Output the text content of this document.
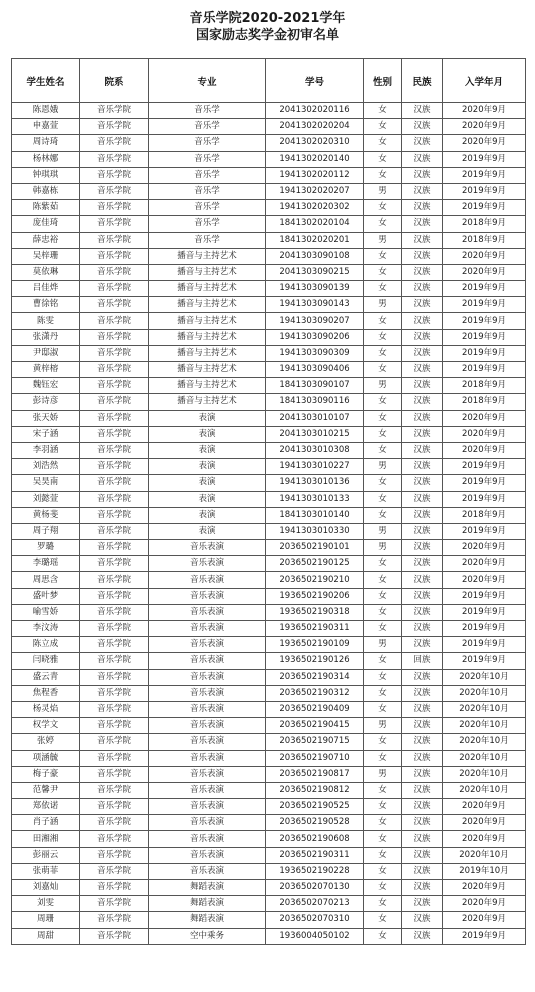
音乐学院2020-2021学年

国家励志奖学金初审名单

学生姓名	院系	专业	学号	性别	民族	入学年月
陈恩娥	音乐学院	音乐学	2041302020116	女	汉族	2020年9月
申嘉萱	音乐学院	音乐学	2041302020204	女	汉族	2020年9月
周诗琦	音乐学院	音乐学	2041302020310	女	汉族	2020年9月
杨林娜	音乐学院	音乐学	1941302020140	女	汉族	2019年9月
钟琪琪	音乐学院	音乐学	1941302020112	女	汉族	2019年9月
韩嘉栋	音乐学院	音乐学	1941302020207	男	汉族	2019年9月
陈紫茹	音乐学院	音乐学	1941302020302	女	汉族	2019年9月
庞佳琦	音乐学院	音乐学	1841302020104	女	汉族	2018年9月
薛忠裕	音乐学院	音乐学	1841302020201	男	汉族	2018年9月
吴梓珊	音乐学院	播音与主持艺术	2041303090108	女	汉族	2020年9月
莫依琳	音乐学院	播音与主持艺术	2041303090215	女	汉族	2020年9月
吕佳烨	音乐学院	播音与主持艺术	1941303090139	女	汉族	2019年9月
曹徐铭	音乐学院	播音与主持艺术	1941303090143	男	汉族	2019年9月
陈雯	音乐学院	播音与主持艺术	1941303090207	女	汉族	2019年9月
张潇丹	音乐学院	播音与主持艺术	1941303090206	女	汉族	2019年9月
尹邸淑	音乐学院	播音与主持艺术	1941303090309	女	汉族	2019年9月
黄梓榕	音乐学院	播音与主持艺术	1941303090406	女	汉族	2019年9月
魏钰宏	音乐学院	播音与主持艺术	1841303090107	男	汉族	2018年9月
彭诗彦	音乐学院	播音与主持艺术	1841303090116	女	汉族	2018年9月
张天娇	音乐学院	表演	2041303010107	女	汉族	2020年9月
宋子涵	音乐学院	表演	2041303010215	女	汉族	2020年9月
李羽涵	音乐学院	表演	2041303010308	女	汉族	2020年9月
刘浩然	音乐学院	表演	1941303010227	男	汉族	2019年9月
吴昊南	音乐学院	表演	1941303010136	女	汉族	2019年9月
刘懿萱	音乐学院	表演	1941303010133	女	汉族	2019年9月
黄杨斐	音乐学院	表演	1841303010140	女	汉族	2018年9月
周子翔	音乐学院	表演	1941303010330	男	汉族	2019年9月
罗璐	音乐学院	音乐表演	2036502190101	男	汉族	2020年9月
李璐瑶	音乐学院	音乐表演	2036502190125	女	汉族	2020年9月
周思含	音乐学院	音乐表演	2036502190210	女	汉族	2020年9月
盛叶梦	音乐学院	音乐表演	1936502190206	女	汉族	2019年9月
喻雪娇	音乐学院	音乐表演	1936502190318	女	汉族	2019年9月
李汶涛	音乐学院	音乐表演	1936502190311	女	汉族	2019年9月
陈立成	音乐学院	音乐表演	1936502190109	男	汉族	2019年9月
闫晓雅	音乐学院	音乐表演	1936502190126	女	回族	2019年9月
盛云青	音乐学院	音乐表演	2036502190314	女	汉族	2020年10月
焦程香	音乐学院	音乐表演	2036502190312	女	汉族	2020年10月
杨灵焰	音乐学院	音乐表演	2036502190409	女	汉族	2020年10月
权学文	音乐学院	音乐表演	2036502190415	男	汉族	2020年10月
张婷	音乐学院	音乐表演	2036502190715	女	汉族	2020年10月
项涵毓	音乐学院	音乐表演	2036502190710	女	汉族	2020年10月
梅子豪	音乐学院	音乐表演	2036502190817	男	汉族	2020年10月
范馨尹	音乐学院	音乐表演	2036502190812	女	汉族	2020年10月
郑依诺	音乐学院	音乐表演	2036502190525	女	汉族	2020年9月
肖子涵	音乐学院	音乐表演	2036502190528	女	汉族	2020年9月
田湘湘	音乐学院	音乐表演	2036502190608	女	汉族	2020年9月
彭丽云	音乐学院	音乐表演	2036502190311	女	汉族	2020年10月
张萌菲	音乐学院	音乐表演	1936502190228	女	汉族	2019年10月
刘嘉灿	音乐学院	舞蹈表演	2036502070130	女	汉族	2020年9月
刘雯	音乐学院	舞蹈表演	2036502070213	女	汉族	2020年9月
周珊	音乐学院	舞蹈表演	2036502070310	女	汉族	2020年9月
周甜	音乐学院	空中乘务	1936004050102	女	汉族	2019年9月
